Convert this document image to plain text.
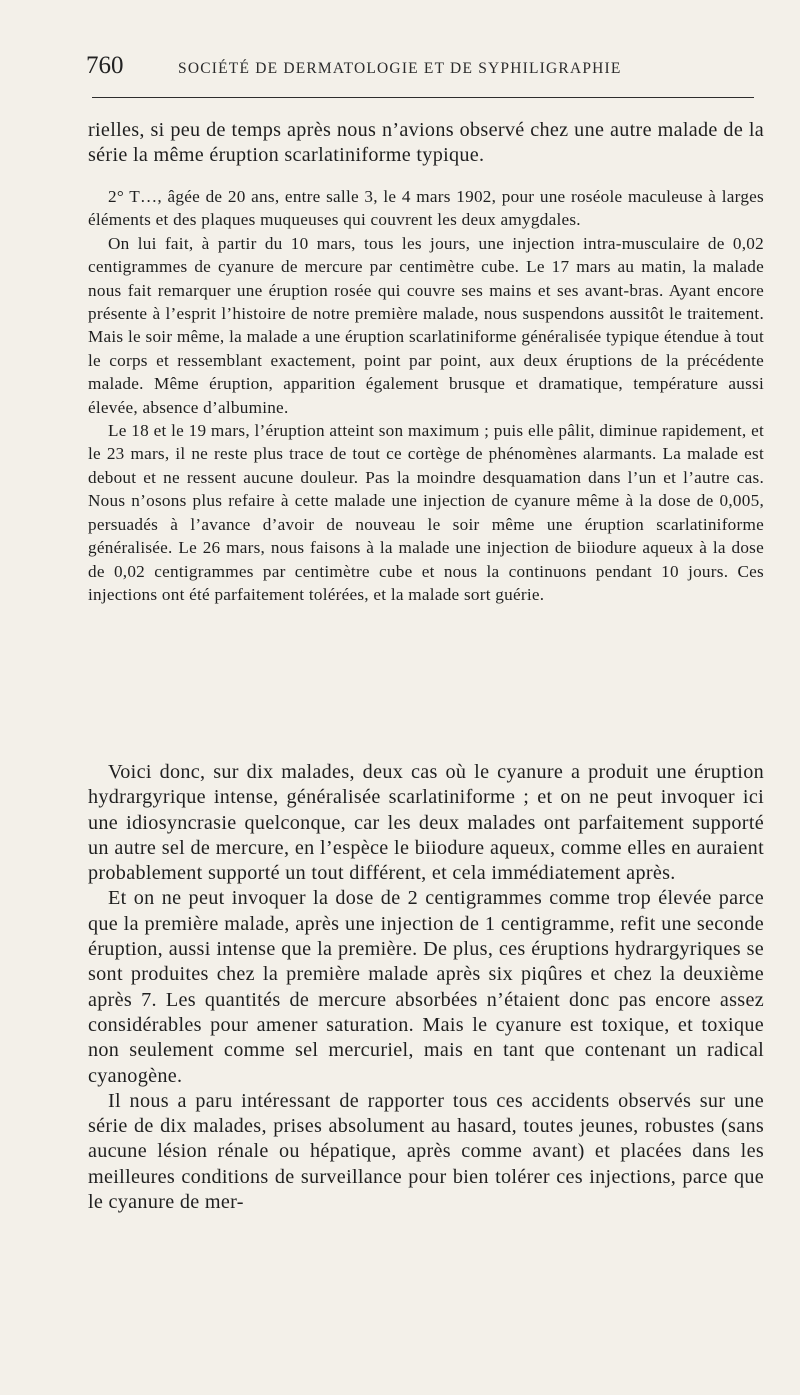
760	SOCIÉTÉ DE DERMATOLOGIE ET DE SYPHILIGRAPHIE

rielles, si peu de temps après nous n’avions observé chez une autre malade de la série la même éruption scarlatiniforme typique.

2° T…, âgée de 20 ans, entre salle 3, le 4 mars 1902, pour une roséole maculeuse à larges éléments et des plaques muqueuses qui couvrent les deux amygdales.

On lui fait, à partir du 10 mars, tous les jours, une injection intra-musculaire de 0,02 centigrammes de cyanure de mercure par centimètre cube. Le 17 mars au matin, la malade nous fait remarquer une éruption rosée qui couvre ses mains et ses avant-bras. Ayant encore présente à l’esprit l’histoire de notre première malade, nous suspendons aussitôt le traitement. Mais le soir même, la malade a une éruption scarlatiniforme généralisée typique étendue à tout le corps et ressemblant exactement, point par point, aux deux éruptions de la précédente malade. Même éruption, apparition également brusque et dramatique, température aussi élevée, absence d’albumine.

Le 18 et le 19 mars, l’éruption atteint son maximum ; puis elle pâlit, diminue rapidement, et le 23 mars, il ne reste plus trace de tout ce cortège de phénomènes alarmants. La malade est debout et ne ressent aucune douleur. Pas la moindre desquamation dans l’un et l’autre cas. Nous n’osons plus refaire à cette malade une injection de cyanure même à la dose de 0,005, persuadés à l’avance d’avoir de nouveau le soir même une éruption scarlatiniforme généralisée. Le 26 mars, nous faisons à la malade une injection de biiodure aqueux à la dose de 0,02 centigrammes par centimètre cube et nous la continuons pendant 10 jours. Ces injections ont été parfaitement tolérées, et la malade sort guérie.

Voici donc, sur dix malades, deux cas où le cyanure a produit une éruption hydrargyrique intense, généralisée scarlatiniforme ; et on ne peut invoquer ici une idiosyncrasie quelconque, car les deux malades ont parfaitement supporté un autre sel de mercure, en l’espèce le biiodure aqueux, comme elles en auraient probablement supporté un tout différent, et cela immédiatement après.

Et on ne peut invoquer la dose de 2 centigrammes comme trop élevée parce que la première malade, après une injection de 1 centigramme, refit une seconde éruption, aussi intense que la première. De plus, ces éruptions hydrargyriques se sont produites chez la première malade après six piqûres et chez la deuxième après 7. Les quantités de mercure absorbées n’étaient donc pas encore assez considérables pour amener saturation. Mais le cyanure est toxique, et toxique non seulement comme sel mercuriel, mais en tant que contenant un radical cyanogène.

Il nous a paru intéressant de rapporter tous ces accidents observés sur une série de dix malades, prises absolument au hasard, toutes jeunes, robustes (sans aucune lésion rénale ou hépatique, après comme avant) et placées dans les meilleures conditions de surveillance pour bien tolérer ces injections, parce que le cyanure de mer-
